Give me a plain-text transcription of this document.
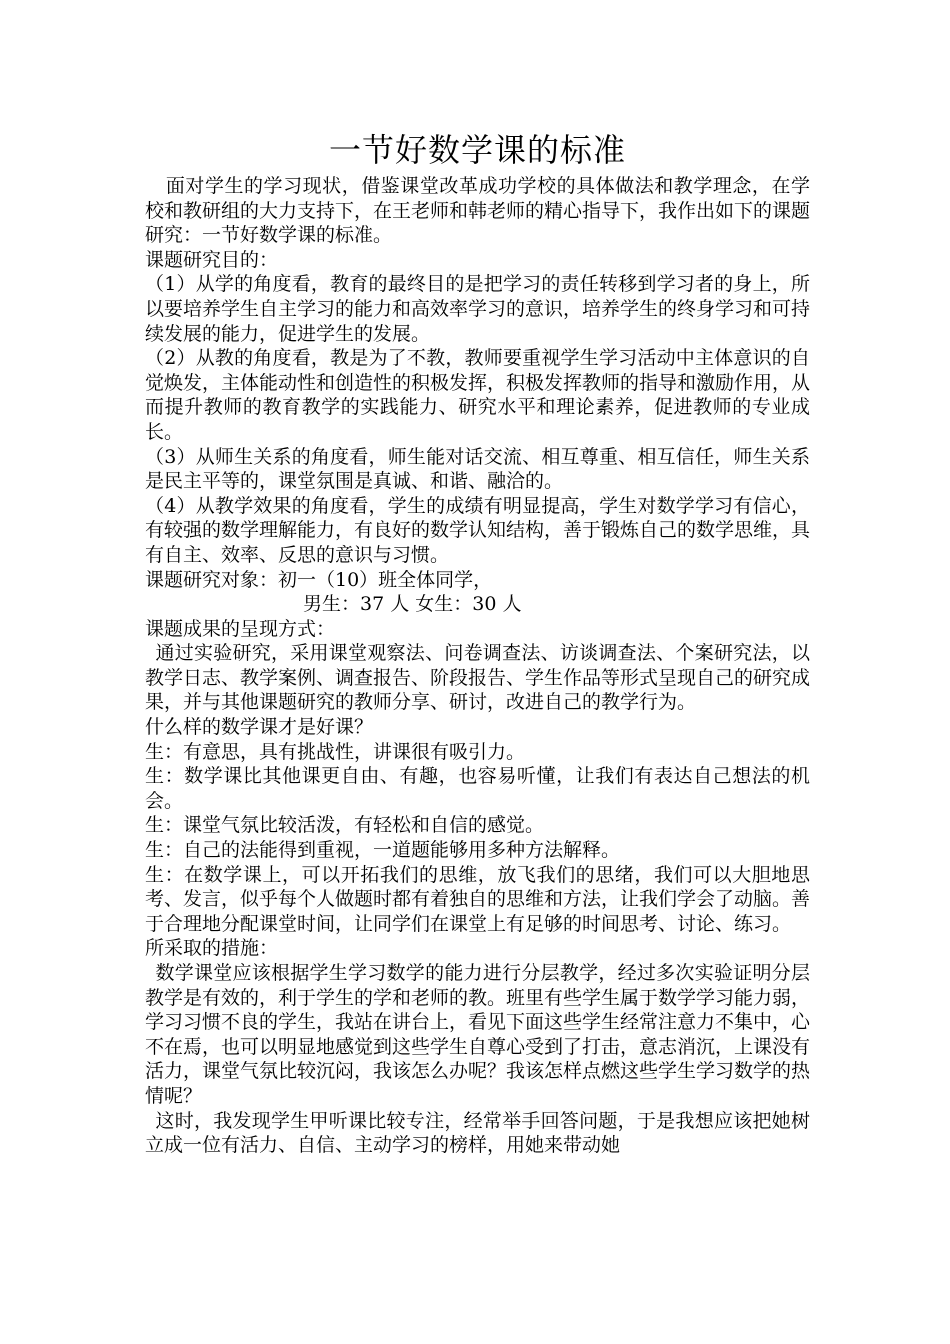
一节好数学课的标准

面对学生的学习现状，借鉴课堂改革成功学校的具体做法和教学理念，在学校和教研组的大力支持下，在王老师和韩老师的精心指导下，我作出如下的课题研究：一节好数学课的标准。

课题研究目的：

（1）从学的角度看，教育的最终目的是把学习的责任转移到学习者的身上，所以要培养学生自主学习的能力和高效率学习的意识，培养学生的终身学习和可持续发展的能力，促进学生的发展。

（2）从教的角度看，教是为了不教，教师要重视学生学习活动中主体意识的自觉焕发，主体能动性和创造性的积极发挥，积极发挥教师的指导和激励作用，从而提升教师的教育教学的实践能力、研究水平和理论素养，促进教师的专业成长。

（3）从师生关系的角度看，师生能对话交流、相互尊重、相互信任，师生关系是民主平等的，课堂氛围是真诚、和谐、融洽的。

（4）从教学效果的角度看，学生的成绩有明显提高，学生对数学学习有信心，有较强的数学理解能力，有良好的数学认知结构，善于锻炼自己的数学思维，具有自主、效率、反思的意识与习惯。

课题研究对象：初一（10）班全体同学，

男生：37 人 女生：30 人

课题成果的呈现方式：

通过实验研究，采用课堂观察法、问卷调查法、访谈调查法、个案研究法，以教学日志、教学案例、调查报告、阶段报告、学生作品等形式呈现自己的研究成果，并与其他课题研究的教师分享、研讨，改进自己的教学行为。

什么样的数学课才是好课？

生：有意思，具有挑战性，讲课很有吸引力。

生：数学课比其他课更自由、有趣，也容易听懂，让我们有表达自己想法的机会。

生：课堂气氛比较活泼，有轻松和自信的感觉。

生：自己的法能得到重视，一道题能够用多种方法解释。

生：在数学课上，可以开拓我们的思维，放飞我们的思绪，我们可以大胆地思考、发言，似乎每个人做题时都有着独自的思维和方法，让我们学会了动脑。善于合理地分配课堂时间，让同学们在课堂上有足够的时间思考、讨论、练习。

所采取的措施：

数学课堂应该根据学生学习数学的能力进行分层教学，经过多次实验证明分层教学是有效的，利于学生的学和老师的教。班里有些学生属于数学学习能力弱，学习习惯不良的学生，我站在讲台上，看见下面这些学生经常注意力不集中，心不在焉，也可以明显地感觉到这些学生自尊心受到了打击，意志消沉，上课没有活力，课堂气氛比较沉闷，我该怎么办呢？我该怎样点燃这些学生学习数学的热情呢？

这时，我发现学生甲听课比较专注，经常举手回答问题，于是我想应该把她树立成一位有活力、自信、主动学习的榜样，用她来带动她
